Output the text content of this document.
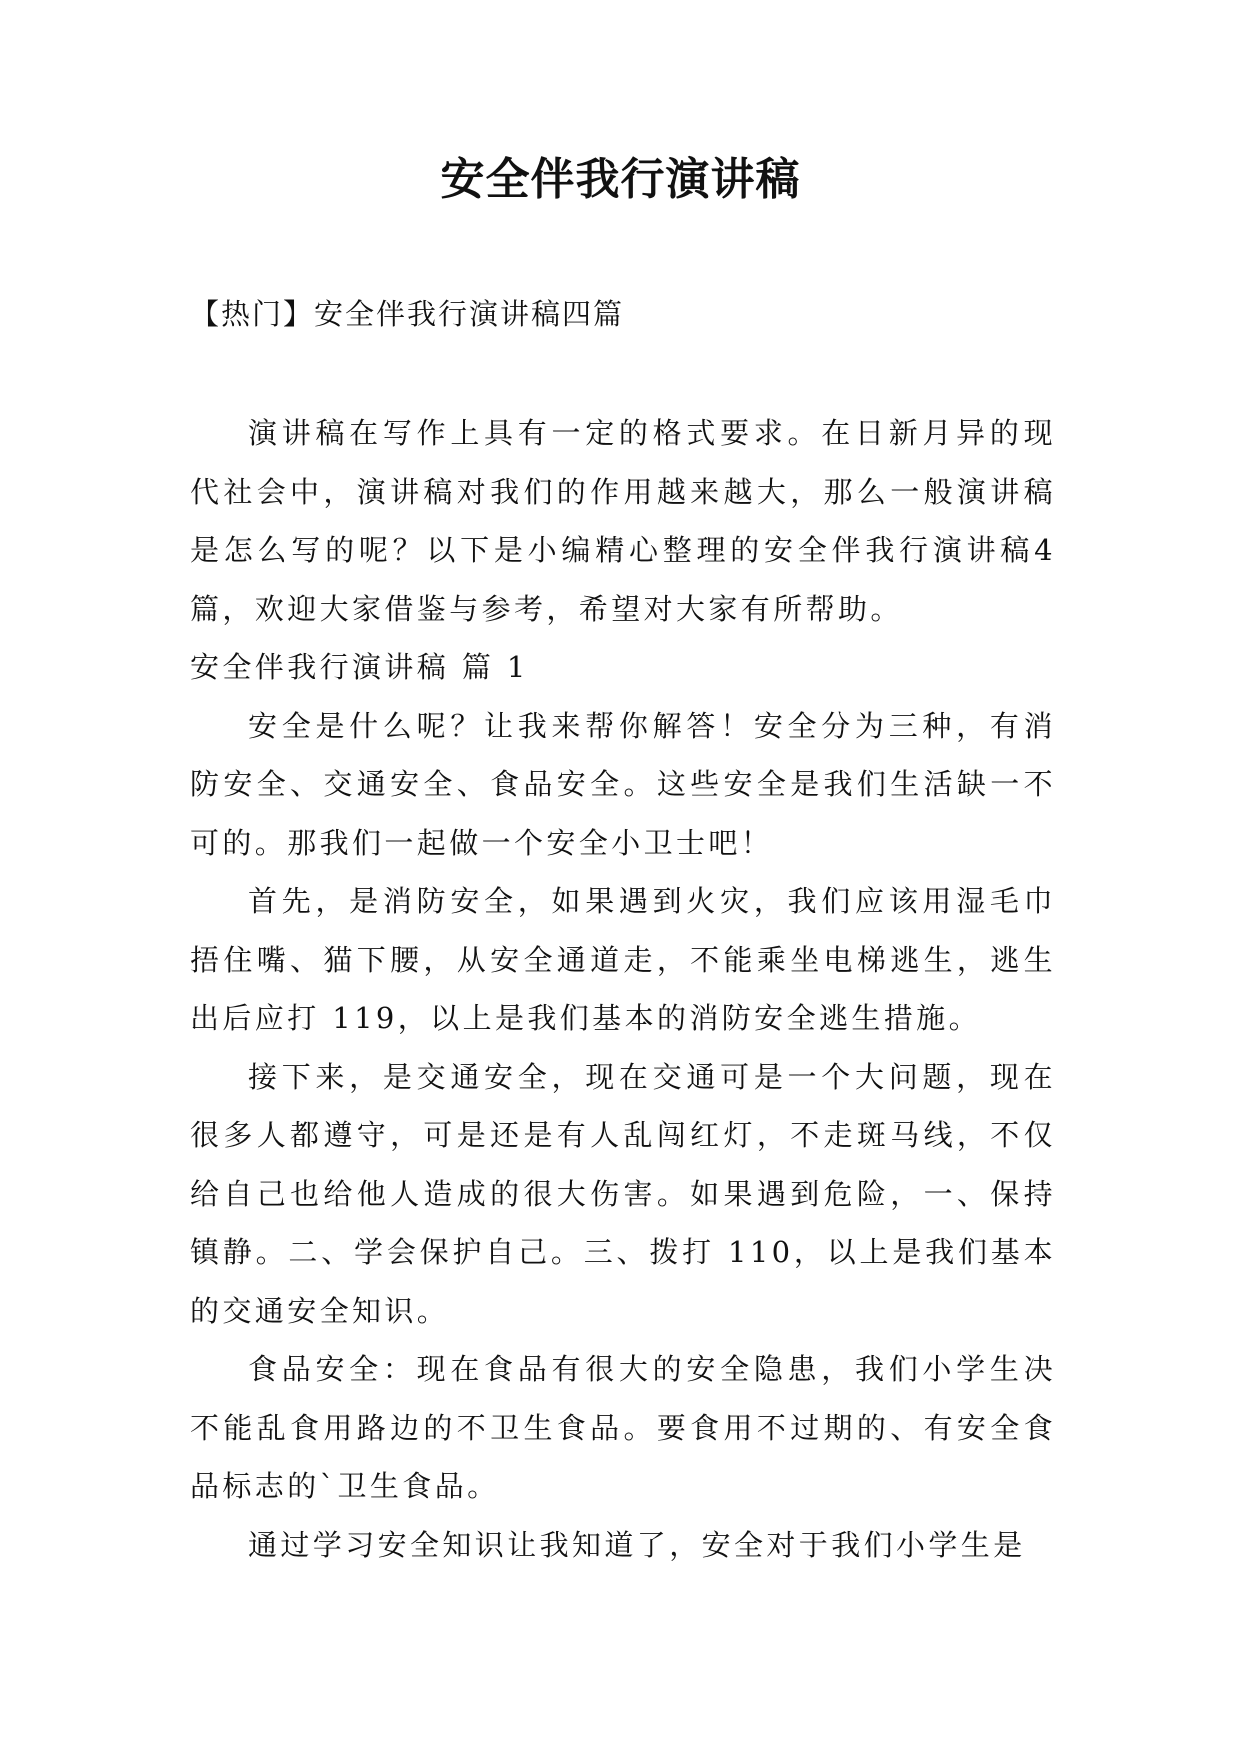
安全伴我行演讲稿

【热门】安全伴我行演讲稿四篇

演讲稿在写作上具有一定的格式要求。在日新月异的现代社会中，演讲稿对我们的作用越来越大，那么一般演讲稿是怎么写的呢？以下是小编精心整理的安全伴我行演讲稿4篇，欢迎大家借鉴与参考，希望对大家有所帮助。

安全伴我行演讲稿 篇 1

安全是什么呢？让我来帮你解答！安全分为三种，有消防安全、交通安全、食品安全。这些安全是我们生活缺一不可的。那我们一起做一个安全小卫士吧！

首先，是消防安全，如果遇到火灾，我们应该用湿毛巾捂住嘴、猫下腰，从安全通道走，不能乘坐电梯逃生，逃生出后应打 119，以上是我们基本的消防安全逃生措施。

接下来，是交通安全，现在交通可是一个大问题，现在很多人都遵守，可是还是有人乱闯红灯，不走斑马线，不仅给自己也给他人造成的很大伤害。如果遇到危险，一、保持镇静。二、学会保护自己。三、拨打 110，以上是我们基本的交通安全知识。

食品安全：现在食品有很大的安全隐患，我们小学生决不能乱食用路边的不卫生食品。要食用不过期的、有安全食品标志的`卫生食品。

通过学习安全知识让我知道了，安全对于我们小学生是
